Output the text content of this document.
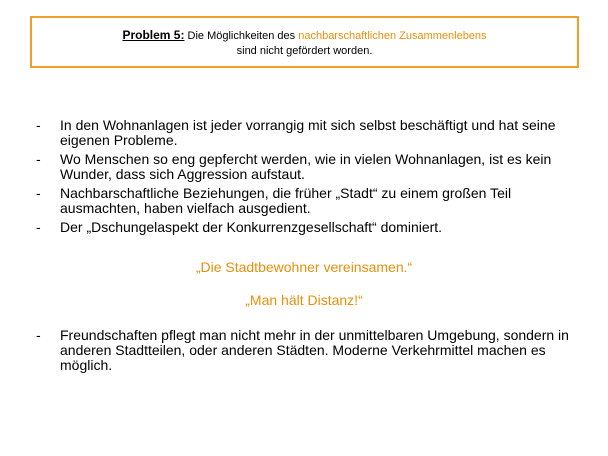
Problem 5: Die Möglichkeiten des nachbarschaftlichen Zusammenlebens
sind nicht gefördert worden.
- In den Wohnanlagen ist jeder vorrangig mit sich selbst beschäftigt und hat seine eigenen Probleme.
- Wo Menschen so eng gepfercht werden, wie in vielen Wohnanlagen, ist es kein Wunder, dass sich Aggression aufstaut.
- Nachbarschaftliche Beziehungen, die früher „Stadt“ zu einem großen Teil ausmachten, haben vielfach ausgedient.
- Der „Dschungelaspekt der Konkurrenzgesellschaft“ dominiert.
„Die Stadtbewohner vereinsamen.“
„Man hält Distanz!“
- Freundschaften pflegt man nicht mehr in der unmittelbaren Umgebung, sondern in anderen Stadtteilen, oder anderen Städten. Moderne Verkehrmittel machen es möglich.
